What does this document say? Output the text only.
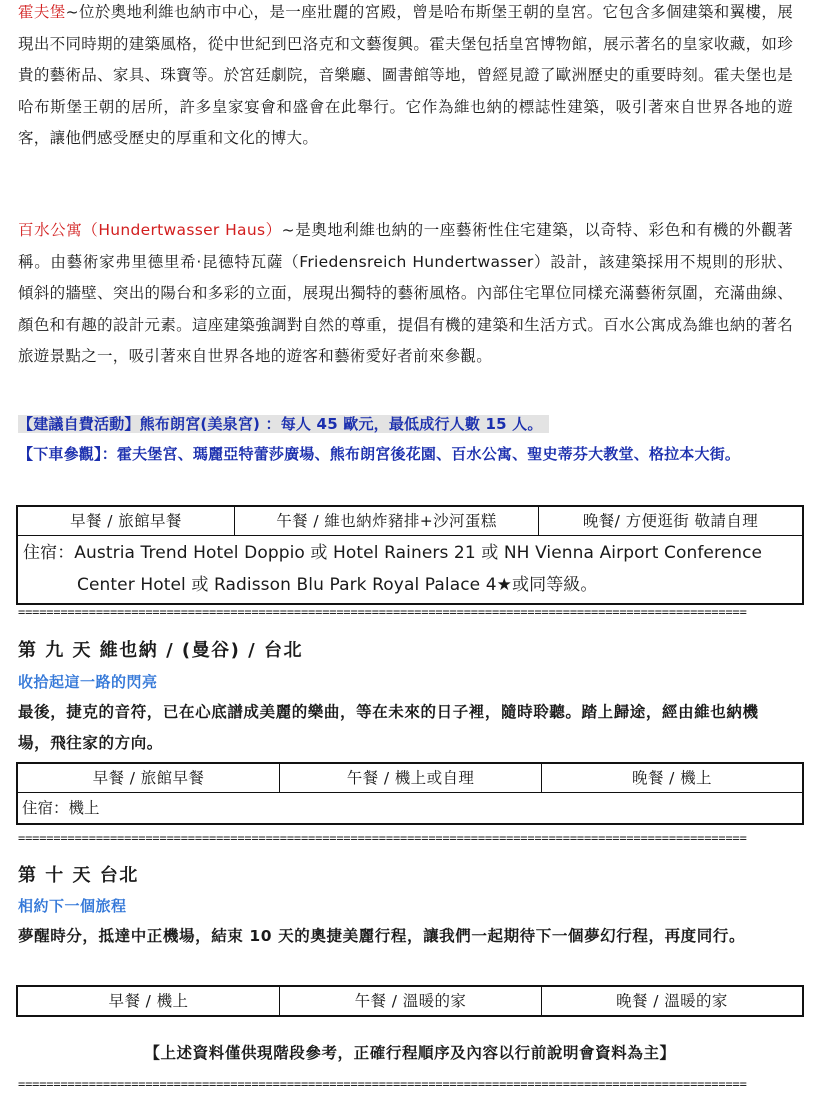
霍夫堡~位於奧地利維也納市中心，是一座壯麗的宮殿，曾是哈布斯堡王朝的皇宮。它包含多個建築和翼樓，展現出不同時期的建築風格，從中世紀到巴洛克和文藝復興。霍夫堡包括皇宮博物館，展示著名的皇家收藏，如珍貴的藝術品、家具、珠寶等。於宮廷劇院，音樂廳、圖書館等地，曾經見證了歐洲歷史的重要時刻。霍夫堡也是哈布斯堡王朝的居所，許多皇家宴會和盛會在此舉行。它作為維也納的標誌性建築，吸引著來自世界各地的遊客，讓他們感受歷史的厚重和文化的博大。

百水公寓（Hundertwasser Haus）~是奧地利維也納的一座藝術性住宅建築，以奇特、彩色和有機的外觀著稱。由藝術家弗里德里希·昆德特瓦薩（Friedensreich Hundertwasser）設計，該建築採用不規則的形狀、傾斜的牆壁、突出的陽台和多彩的立面，展現出獨特的藝術風格。內部住宅單位同樣充滿藝術氛圍，充滿曲線、顏色和有趣的設計元素。這座建築強調對自然的尊重，提倡有機的建築和生活方式。百水公寓成為維也納的著名旅遊景點之一，吸引著來自世界各地的遊客和藝術愛好者前來參觀。

【建議自費活動】熊布朗宮(美泉宮) ：每人 45 歐元，最低成行人數 15 人。
【下車參觀】：霍夫堡宮、瑪麗亞特蕾莎廣場、熊布朗宮後花園、百水公寓、聖史蒂芬大教堂、格拉本大街。
早餐 / 旅館早餐	午餐 / 維也納炸豬排+沙河蛋糕	晚餐/ 方便逛街 敬請自理
住宿：Austria Trend Hotel Doppio 或 Hotel Rainers 21 或 NH Vienna Airport Conference
Center Hotel 或 Radisson Blu Park Royal Palace 4★或同等級。
=======================================================================================================
第 九 天 維也納 / (曼谷) / 台北
收拾起這一路的閃亮
最後，捷克的音符，已在心底譜成美麗的樂曲，等在未來的日子裡，隨時聆聽。踏上歸途，經由維也納機場，飛往家的方向。
早餐 / 旅館早餐	午餐 / 機上或自理	晚餐 / 機上
住宿：機上
=======================================================================================================
第 十 天 台北
相約下一個旅程
夢醒時分，抵達中正機場，結束 10 天的奧捷美麗行程，讓我們一起期待下一個夢幻行程，再度同行。
早餐 / 機上	午餐 / 溫暖的家	晚餐 / 溫暖的家
【上述資料僅供現階段參考，正確行程順序及內容以行前說明會資料為主】
=======================================================================================================
